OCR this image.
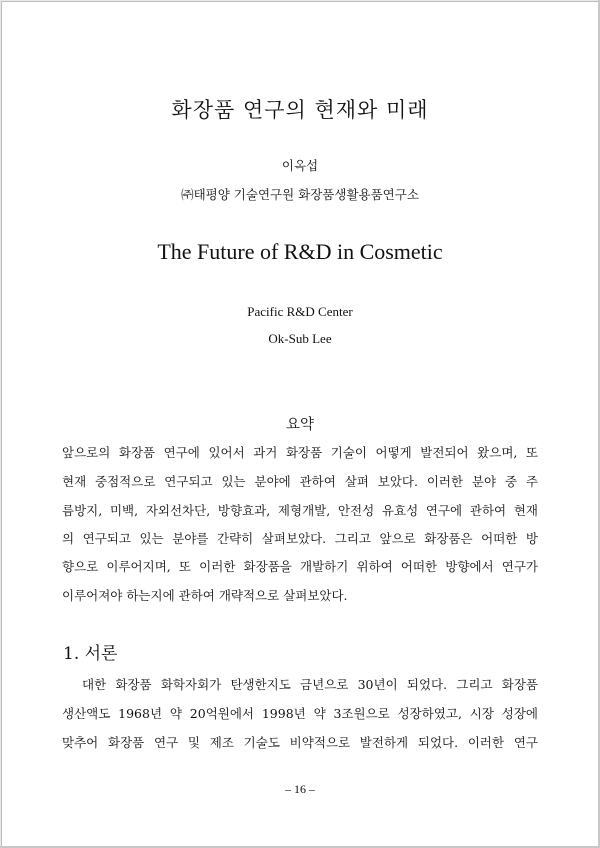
화장품 연구의 현재와 미래
이옥섭
㈜태평양 기술연구원 화장품생활용품연구소
The Future of R&D in Cosmetic
Pacific R&D Center
Ok-Sub Lee
요약
앞으로의 화장품 연구에 있어서 과거 화장품 기술이 어떻게 발전되어 왔으며, 또
현재 중점적으로 연구되고 있는 분야에 관하여 살펴 보았다. 이러한 분야 중 주
름방지, 미백, 자외선차단, 방향효과, 제형개발, 안전성 유효성 연구에 관하여 현재
의 연구되고 있는 분야를 간략히 살펴보았다. 그리고 앞으로 화장품은 어떠한 방
향으로 이루어지며, 또 이러한 화장품을 개발하기 위하여 어떠한 방향에서 연구가
이루어져야 하는지에 관하여 개략적으로 살펴보았다.
1. 서론
대한 화장품 화학자회가 탄생한지도 금년으로 30년이 되었다. 그리고 화장품
생산액도 1968년 약 20억원에서 1998년 약 3조원으로 성장하였고, 시장 성장에
맞추어 화장품 연구 및 제조 기술도 비약적으로 발전하게 되었다. 이러한 연구
– 16 –
